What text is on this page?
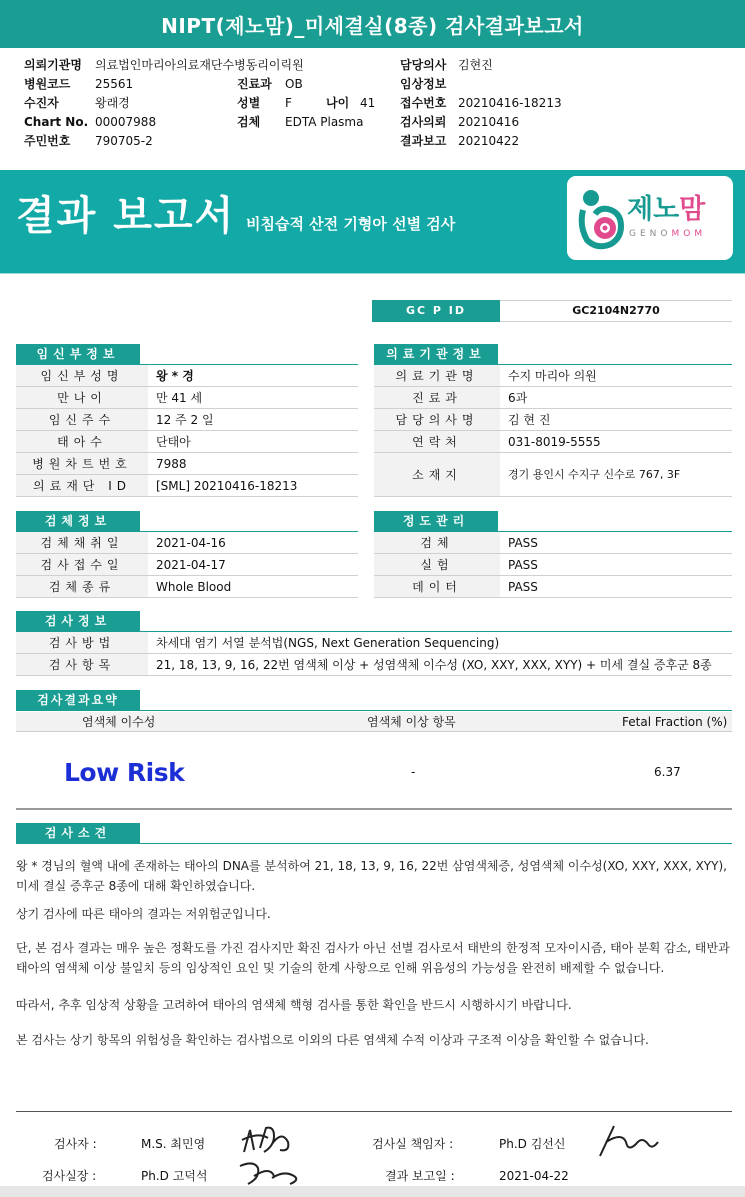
NIPT(제노맘)_미세결실(8종) 검사결과보고서
의뢰기관명 의료법인마리아의료재단수병동리이릭원	담당의사 김현진
병원코드 25561	진료과 OB	임상정보
수진자	왕래경	성별 F	나이 41 접수번호 20210416-18213
Chart No. 00007988	검체 EDTA Plasma	검사의뢰 20210416
주민번호 790705-2	결과보고 20210422
결과 보고서 비침습적 산전 기형아 선별 검사	제노맘
GENOMOM
GC P ID	GC2104N2770
임신부정보
임신부성명	왕 * 경
만나이	만 41 세
임신주수	12 주 2 일
태아수	단태아
병원차트번호	7988
의료재단 ID	[SML] 20210416-18213
의료기관정보
의료기관명	수지 마리아 의원
진료과	6과
담당의사명	김 현 진
연락처	031-8019-5555
소재지	경기 용인시 수지구 신수로 767, 3F
검체정보
검체채취일	2021-04-16
검사접수일	2021-04-17
검체종류	Whole Blood
정도관리
검체	PASS
실험	PASS
데이터	PASS
검사정보
검사방법	차세대 염기 서열 분석법(NGS, Next Generation Sequencing)
검사항목	21, 18, 13, 9, 16, 22번 염색체 이상 + 성염색체 이수성 (XO, XXY, XXX, XYY) + 미세 결실 증후군 8종
검사결과요약
염색체 이수성	염색체 이상 항목	Fetal Fraction (%)
Low Risk	-	6.37
검사소견
왕 * 경님의 혈액 내에 존재하는 태아의 DNA를 분석하여 21, 18, 13, 9, 16, 22번 삼염색체증, 성염색체 이수성(XO, XXY, XXX, XYY), 미세 결실 증후군 8종에 대해 확인하였습니다.
상기 검사에 따른 태아의 결과는 저위험군입니다.
단, 본 검사 결과는 매우 높은 정확도를 가진 검사지만 확진 검사가 아닌 선별 검사로서 태반의 한정적 모자이시즘, 태아 분획 감소, 태반과 태아의 염색체 이상 불일치 등의 임상적인 요인 및 기술의 한계 사항으로 인해 위음성의 가능성을 완전히 배제할 수 없습니다.
따라서, 추후 임상적 상황을 고려하여 태아의 염색체 핵형 검사를 통한 확인을 반드시 시행하시기 바랍니다.
본 검사는 상기 항목의 위험성을 확인하는 검사법으로 이외의 다른 염색체 수적 이상과 구조적 이상을 확인할 수 없습니다.
검사자 :	M.S. 최민영	검사실 책임자 :	Ph.D 김선신
검사실장 :	Ph.D 고덕석	결과 보고일 :	2021-04-22
